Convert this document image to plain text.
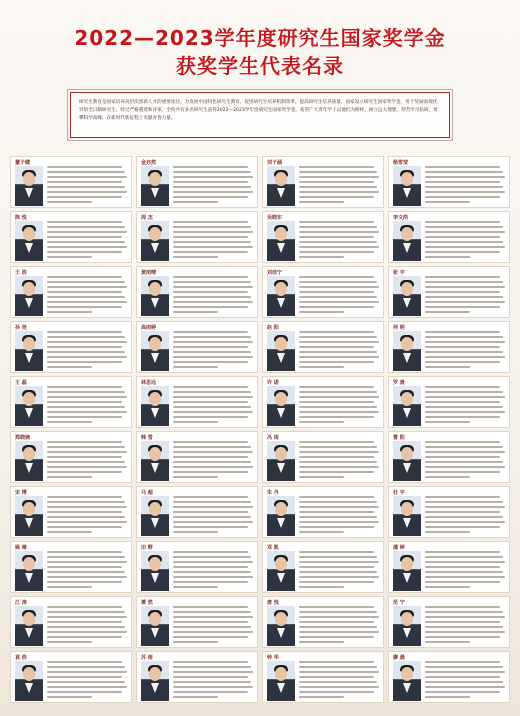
2022—2023学年度研究生国家奖学金
获奖学生代表名录
研究生教育是国家培养高层次创新人才的重要途径。为发展中国特色研究生教育，促进研究生培养机制改革，提高研究生培养质量，国家设立研究生国家奖学金，用于奖励表现优异的全日制研究生。经过严格遴选和评审，全校共有多名研究生获得2022—2023学年度研究生国家奖学金。希望广大青年学子以他们为榜样，树立远大理想，刻苦学习钻研，勇攀科学高峰，在新时代新征程上贡献青春力量。
董子健	金亦然	刘子涵	杨雪莹
陈 悦	周 杰	吴晓东	李文浩
王 浩	黄雨晴	刘佳宁	张 宇
孙 尧	高雨婷	赵 阳	何 明
王 磊	林思远	许 诺	罗 晨
郑晓婉	韩 雪	冯 雨	曹 阳
宋 博	马 超	朱 丹	杜 宇
姚 琳	田 野	邓 凯	潘 婷
江 涛	萧 然	唐 悦	范 宁
袁 浩	苏 雨	钟 华	廖 晨
